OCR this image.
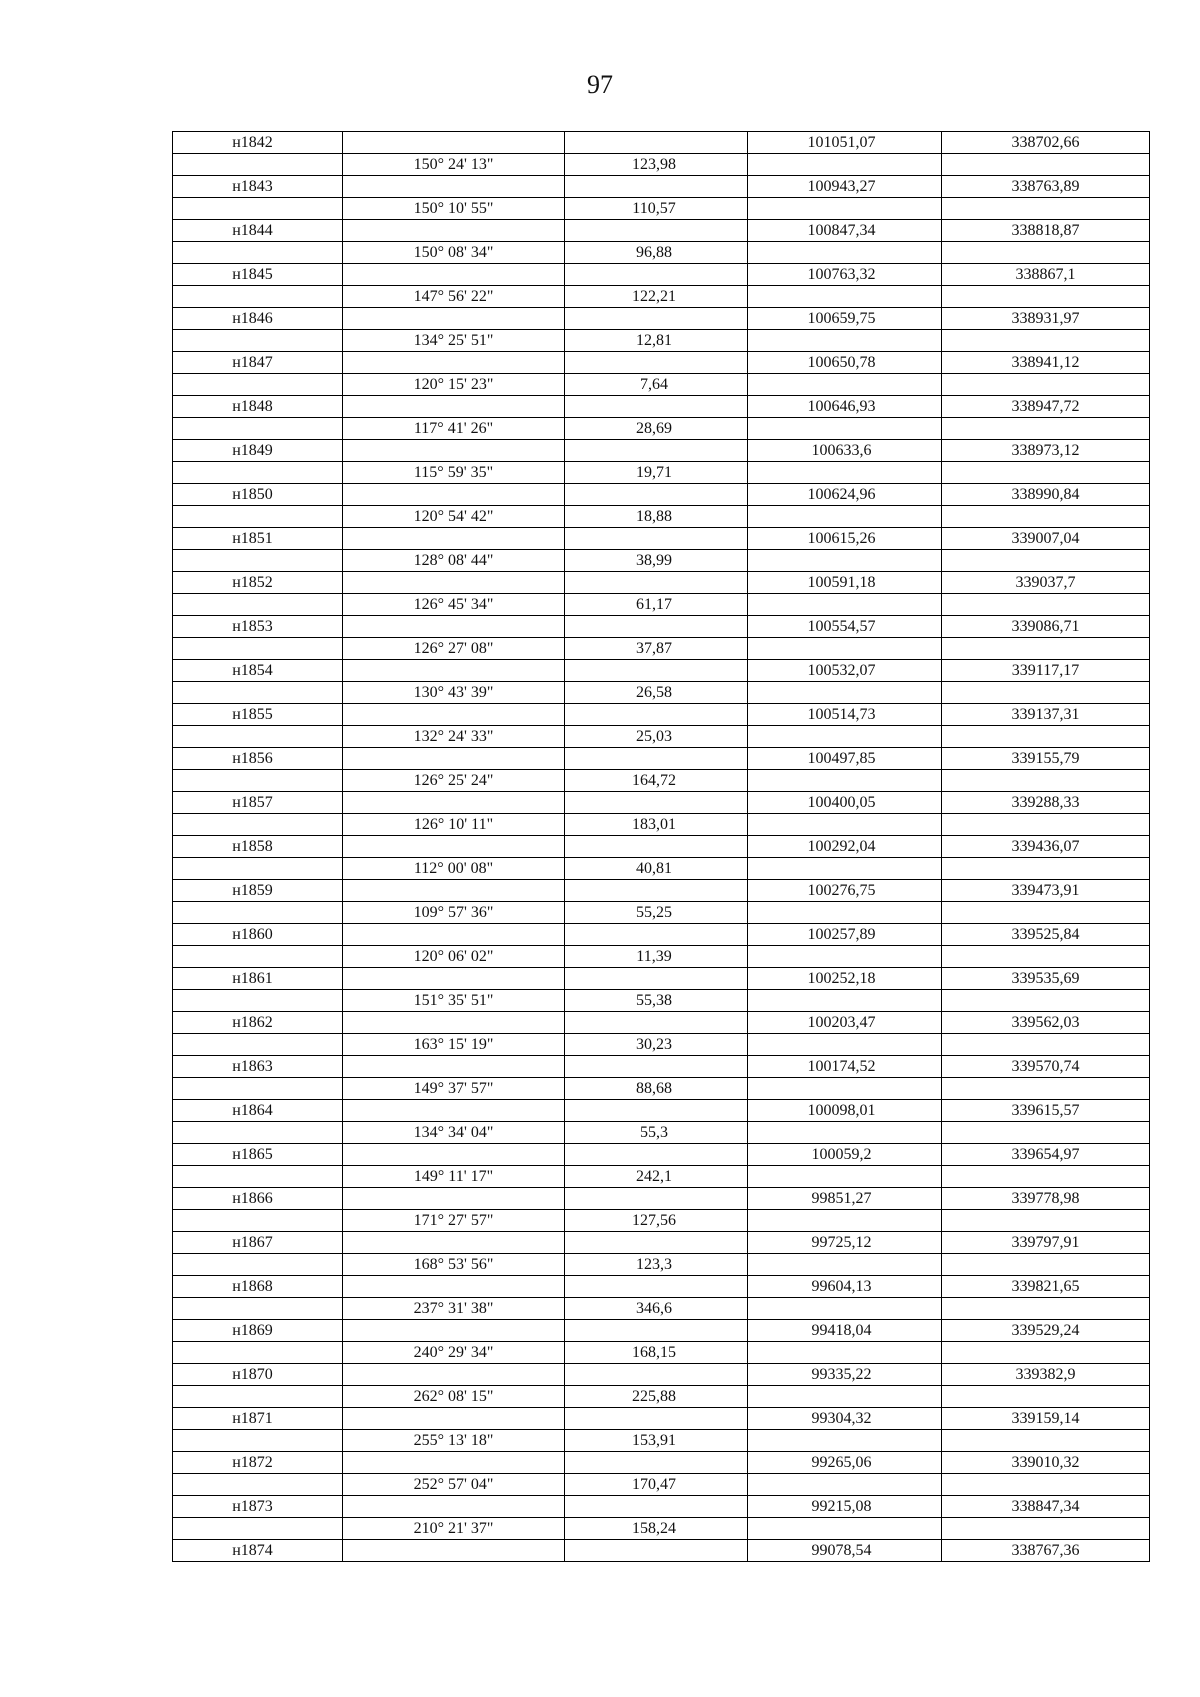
97
н1842			101051,07	338702,66
	150° 24' 13"	123,98		
н1843			100943,27	338763,89
	150° 10' 55"	110,57		
н1844			100847,34	338818,87
	150° 08' 34"	96,88		
н1845			100763,32	338867,1
	147° 56' 22"	122,21		
н1846			100659,75	338931,97
	134° 25' 51"	12,81		
н1847			100650,78	338941,12
	120° 15' 23"	7,64		
н1848			100646,93	338947,72
	117° 41' 26"	28,69		
н1849			100633,6	338973,12
	115° 59' 35"	19,71		
н1850			100624,96	338990,84
	120° 54' 42"	18,88		
н1851			100615,26	339007,04
	128° 08' 44"	38,99		
н1852			100591,18	339037,7
	126° 45' 34"	61,17		
н1853			100554,57	339086,71
	126° 27' 08"	37,87		
н1854			100532,07	339117,17
	130° 43' 39"	26,58		
н1855			100514,73	339137,31
	132° 24' 33"	25,03		
н1856			100497,85	339155,79
	126° 25' 24"	164,72		
н1857			100400,05	339288,33
	126° 10' 11"	183,01		
н1858			100292,04	339436,07
	112° 00' 08"	40,81		
н1859			100276,75	339473,91
	109° 57' 36"	55,25		
н1860			100257,89	339525,84
	120° 06' 02"	11,39		
н1861			100252,18	339535,69
	151° 35' 51"	55,38		
н1862			100203,47	339562,03
	163° 15' 19"	30,23		
н1863			100174,52	339570,74
	149° 37' 57"	88,68		
н1864			100098,01	339615,57
	134° 34' 04"	55,3		
н1865			100059,2	339654,97
	149° 11' 17"	242,1		
н1866			99851,27	339778,98
	171° 27' 57"	127,56		
н1867			99725,12	339797,91
	168° 53' 56"	123,3		
н1868			99604,13	339821,65
	237° 31' 38"	346,6		
н1869			99418,04	339529,24
	240° 29' 34"	168,15		
н1870			99335,22	339382,9
	262° 08' 15"	225,88		
н1871			99304,32	339159,14
	255° 13' 18"	153,91		
н1872			99265,06	339010,32
	252° 57' 04"	170,47		
н1873			99215,08	338847,34
	210° 21' 37"	158,24		
н1874			99078,54	338767,36
